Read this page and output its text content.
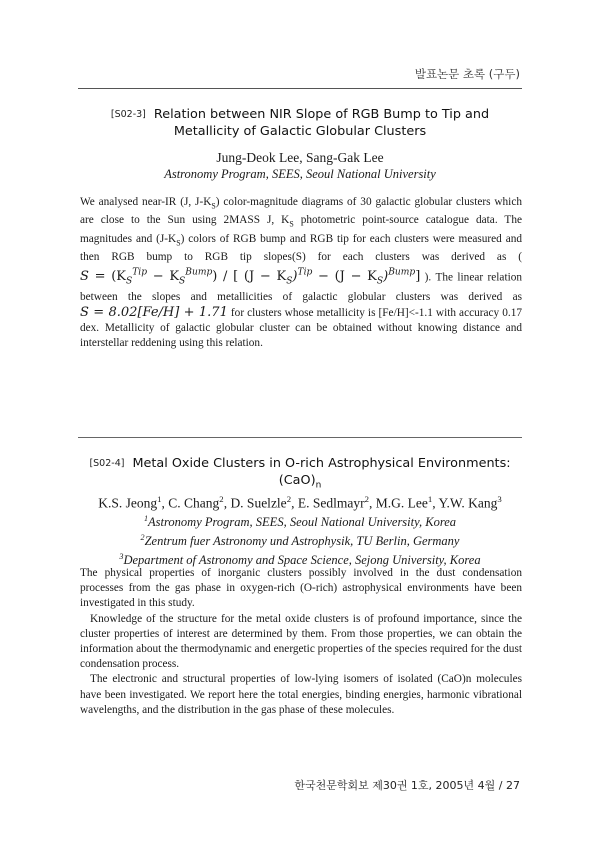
발표논문 초록 (구두)
[S02-3] Relation between NIR Slope of RGB Bump to Tip and
Metallicity of Galactic Globular Clusters
Jung-Deok Lee, Sang-Gak Lee
Astronomy Program, SEES, Seoul National University

We analysed near-IR (J, $J-K_S$) color-magnitude diagrams of 30 galactic globular clusters which are close to the Sun using 2MASS J, $K_S$ photometric point-source catalogue data. The magnitudes and $(J-K_S)$ colors of RGB bump and RGB tip for each clusters were measured and then RGB bump to RGB tip slopes(S) for each clusters was derived as ( $S = (K_S^{Tip} - K_S^{Bump})$ / [ $(J - K_S)^{Tip} - (J - K_S)^{Bump}$] ). The linear relation between the slopes and metallicities of galactic globular clusters was derived as S = 8.02[Fe/H] + 1.71 for clusters whose metallicity is [Fe/H]<-1.1 with accuracy 0.17 dex. Metallicity of galactic globular cluster can be obtained without knowing distance and interstellar reddening using this relation.

[S02-4] Metal Oxide Clusters in O-rich Astrophysical Environments:
$(CaO)_n$
K.S. Jeong$^1$, C. Chang$^2$, D. Suelzle$^2$, E. Sedlmayr$^2$, M.G. Lee$^1$, Y.W. Kang$^3$
$^1$Astronomy Program, SEES, Seoul National University, Korea
$^2$Zentrum fuer Astronomy und Astrophysik, TU Berlin, Germany
$^3$Department of Astronomy and Space Science, Sejong University, Korea

The physical properties of inorganic clusters possibly involved in the dust condensation processes from the gas phase in oxygen-rich (O-rich) astrophysical environments have been investigated in this study.

Knowledge of the structure for the metal oxide clusters is of profound importance, since the cluster properties of interest are determined by them. From those properties, we can obtain the information about the thermodynamic and energetic properties of the species required for the dust condensation process.

The electronic and structural properties of low-lying isomers of isolated (CaO)n molecules have been investigated. We report here the total energies, binding energies, harmonic vibrational wavelengths, and the distribution in the gas phase of these molecules.

한국천문학회보 제30권 1호, 2005년 4월 / 27
